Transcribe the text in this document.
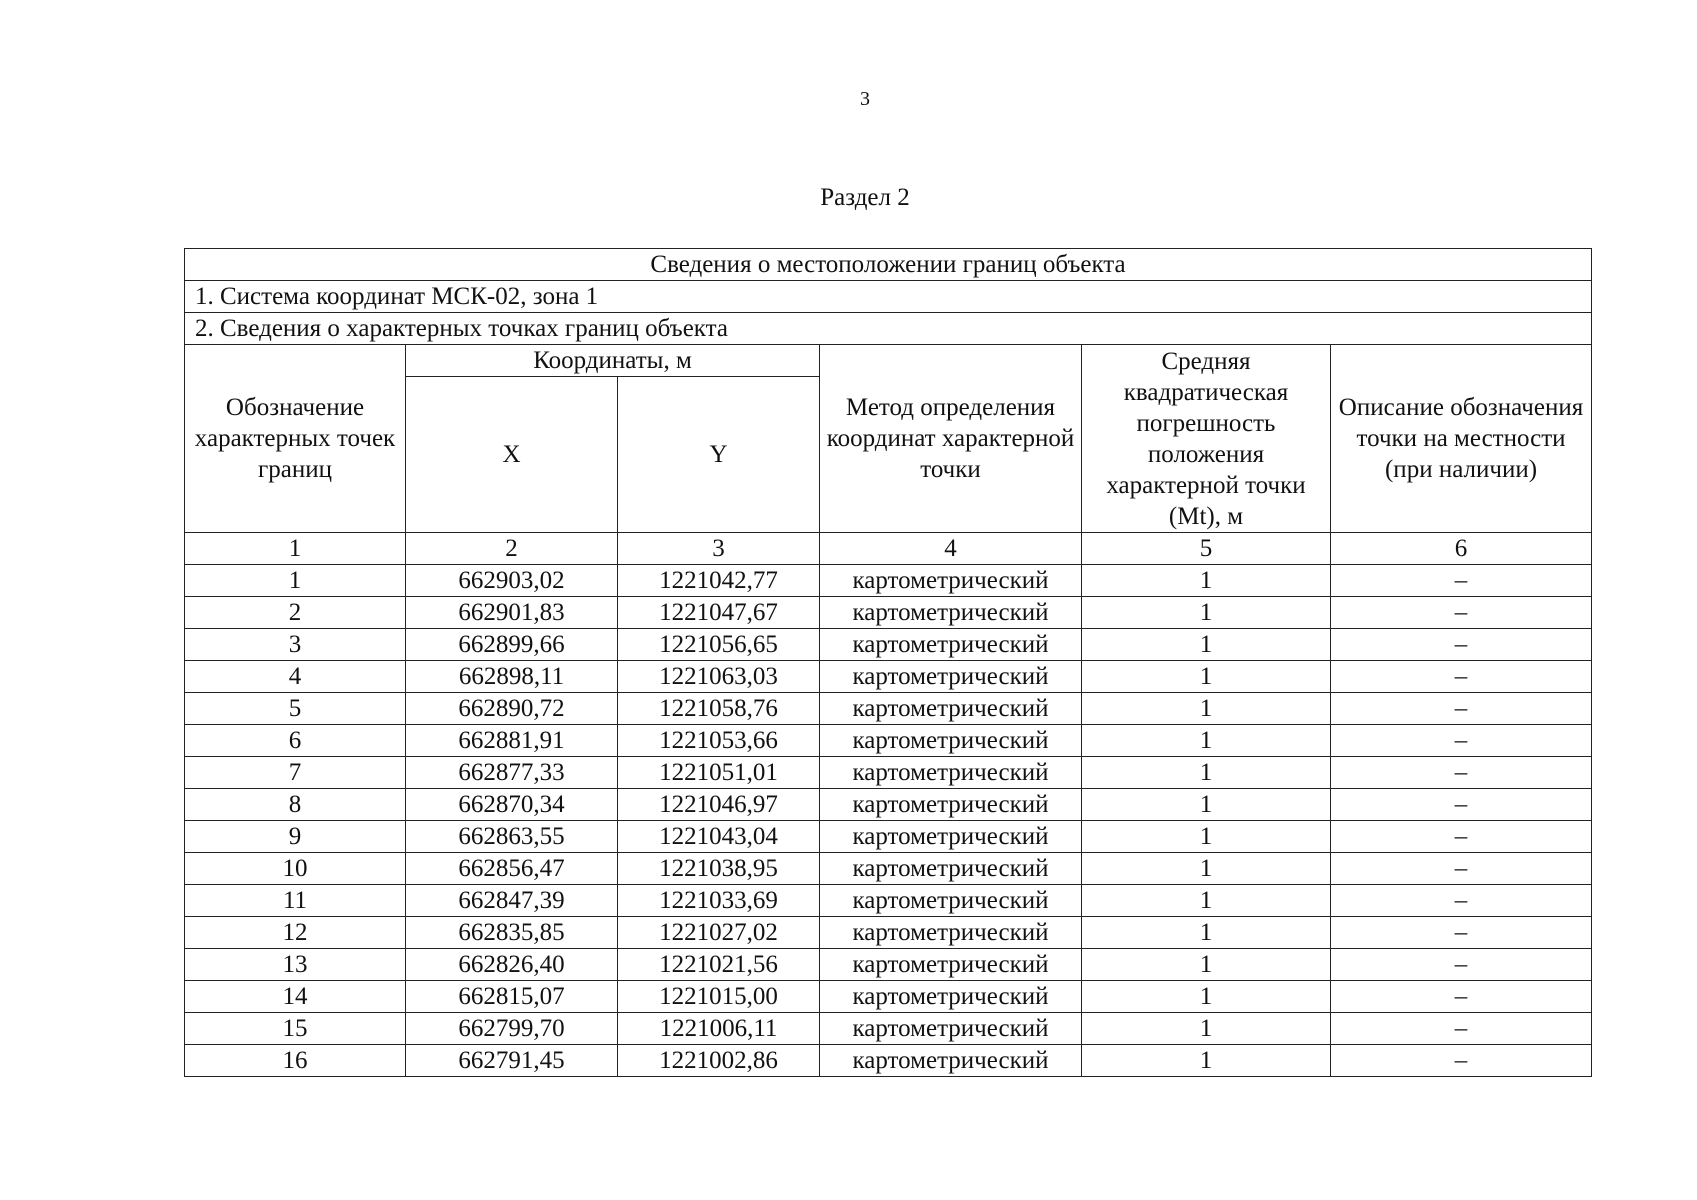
3
Раздел 2
Сведения о местоположении границ объекта					
1. Система координат МСК-02, зона 1					
2. Сведения о характерных точках границ объекта					
Обозначение характерных точек границ	Координаты, м		Метод определения координат характерной точки	Средняя квадратическая погрешность положения характерной точки (Mt), м	Описание обозначения точки на местности (при наличии)
	X	Y			
1	2	3	4	5	6
1	662903,02	1221042,77	картометрический	1	–
2	662901,83	1221047,67	картометрический	1	–
3	662899,66	1221056,65	картометрический	1	–
4	662898,11	1221063,03	картометрический	1	–
5	662890,72	1221058,76	картометрический	1	–
6	662881,91	1221053,66	картометрический	1	–
7	662877,33	1221051,01	картометрический	1	–
8	662870,34	1221046,97	картометрический	1	–
9	662863,55	1221043,04	картометрический	1	–
10	662856,47	1221038,95	картометрический	1	–
11	662847,39	1221033,69	картометрический	1	–
12	662835,85	1221027,02	картометрический	1	–
13	662826,40	1221021,56	картометрический	1	–
14	662815,07	1221015,00	картометрический	1	–
15	662799,70	1221006,11	картометрический	1	–
16	662791,45	1221002,86	картометрический	1	–
